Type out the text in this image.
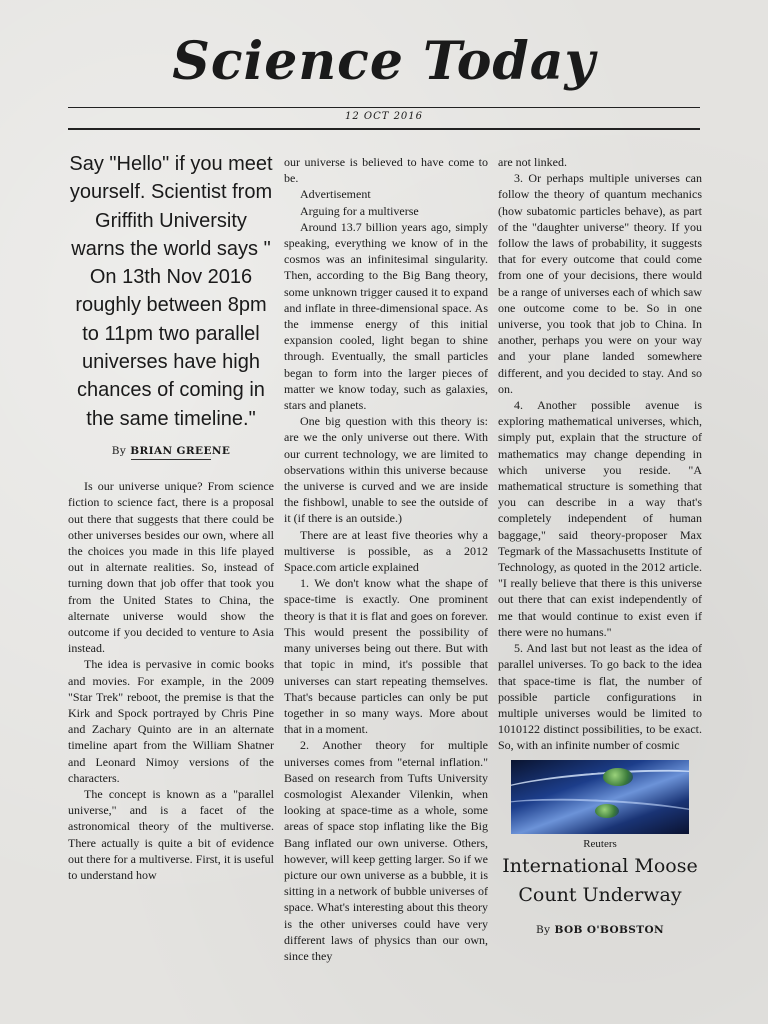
Science Today
12 OCT 2016
Say "Hello" if you meet yourself. Scientist from Griffith University warns the world says " On 13th Nov 2016 roughly between 8pm to 11pm two parallel universes have high chances of coming in the same timeline."

By BRIAN GREENE

Is our universe unique? From science fiction to science fact, there is a proposal out there that suggests that there could be other universes besides our own, where all the choices you made in this life played out in alternate realities. So, instead of turning down that job offer that took you from the United States to China, the alternate universe would show the outcome if you decided to venture to Asia instead.

The idea is pervasive in comic books and movies. For example, in the 2009 "Star Trek" reboot, the premise is that the Kirk and Spock portrayed by Chris Pine and Zachary Quinto are in an alternate timeline apart from the William Shatner and Leonard Nimoy versions of the characters.

The concept is known as a "parallel universe," and is a facet of the astronomical theory of the multiverse. There actually is quite a bit of evidence out there for a multiverse. First, it is useful to understand how

our universe is believed to have come to be.

Advertisement

Arguing for a multiverse

Around 13.7 billion years ago, simply speaking, everything we know of in the cosmos was an infinitesimal singularity. Then, according to the Big Bang theory, some unknown trigger caused it to expand and inflate in three-dimensional space. As the immense energy of this initial expansion cooled, light began to shine through. Eventually, the small particles began to form into the larger pieces of matter we know today, such as galaxies, stars and planets.

One big question with this theory is: are we the only universe out there. With our current technology, we are limited to observations within this universe because the universe is curved and we are inside the fishbowl, unable to see the outside of it (if there is an outside.)

There are at least five theories why a multiverse is possible, as a 2012 Space.com article explained

1. We don't know what the shape of space-time is exactly. One prominent theory is that it is flat and goes on forever. This would present the possibility of many universes being out there. But with that topic in mind, it's possible that universes can start repeating themselves. That's because particles can only be put together in so many ways. More about that in a moment.

2. Another theory for multiple universes comes from "eternal inflation." Based on research from Tufts University cosmologist Alexander Vilenkin, when looking at space-time as a whole, some areas of space stop inflating like the Big Bang inflated our own universe. Others, however, will keep getting larger. So if we picture our own universe as a bubble, it is sitting in a network of bubble universes of space. What's interesting about this theory is the other universes could have very different laws of physics than our own, since they

are not linked.

3. Or perhaps multiple universes can follow the theory of quantum mechanics (how subatomic particles behave), as part of the "daughter universe" theory. If you follow the laws of probability, it suggests that for every outcome that could come from one of your decisions, there would be a range of universes each of which saw one outcome come to be. So in one universe, you took that job to China. In another, perhaps you were on your way and your plane landed somewhere different, and you decided to stay. And so on.

4. Another possible avenue is exploring mathematical universes, which, simply put, explain that the structure of mathematics may change depending in which universe you reside. "A mathematical structure is something that you can describe in a way that's completely independent of human baggage," said theory-proposer Max Tegmark of the Massachusetts Institute of Technology, as quoted in the 2012 article. "I really believe that there is this universe out there that can exist independently of me that would continue to exist even if there were no humans."

5. And last but not least as the idea of parallel universes. To go back to the idea that space-time is flat, the number of possible particle configurations in multiple universes would be limited to 1010122 distinct possibilities, to be exact. So, with an infinite number of cosmic

Reuters

International Moose Count Underway

By BOB O'BOBSTON
